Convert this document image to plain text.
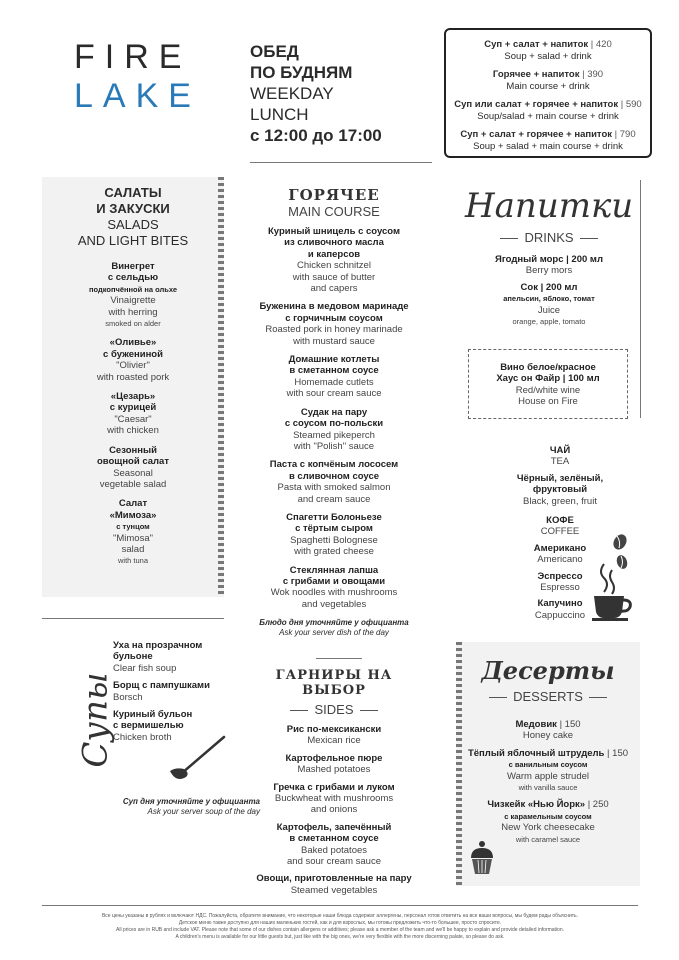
FIRE
LAKE
ОБЕД
ПО БУДНЯМ
WEEKDAY
LUNCH
с 12:00 до 17:00
Суп + салат + напиток | 420
Soup + salad + drink
Горячее + напиток | 390
Main course + drink
Суп или салат + горячее + напиток | 590
Soup/salad + main course + drink
Суп + салат + горячее + напиток | 790
Soup + salad + main course + drink
САЛАТЫ
И ЗАКУСКИ
SALADS
AND LIGHT BITES
Винегрет
с сельдью
подкопчённой на ольхе
Vinaigrette
with herring
smoked on alder
«Оливье»
с бужениной
"Olivier"
with roasted pork
«Цезарь»
с курицей
"Caesar"
with chicken
Сезонный
овощной салат
Seasonal
vegetable salad
Салат
«Мимоза»
с тунцом
"Mimosa"
salad
with tuna
Супы
Уха на прозрачном
бульоне
Clear fish soup
Борщ с пампушками
Borsch
Куриный бульон
с вермишелью
Chicken broth
Суп дня уточняйте у официанта
Ask your server soup of the day
ГОРЯЧЕЕ
MAIN COURSE
Куриный шницель с соусом
из сливочного масла
и каперсов
Chicken schnitzel
with sauce of butter
and capers
Буженина в медовом маринаде
с горчичным соусом
Roasted pork in honey marinade
with mustard sauce
Домашние котлеты
в сметанном соусе
Homemade cutlets
with sour cream sauce
Судак на пару
с соусом по-польски
Steamed pikeperch
with "Polish" sauce
Паста с копчёным лососем
в сливочном соусе
Pasta with smoked salmon
and cream sauce
Спагетти Болоньезе
с тёртым сыром
Spaghetti Bolognese
with grated cheese
Стеклянная лапша
с грибами и овощами
Wok noodles with mushrooms
and vegetables
Блюдо дня уточняйте у официанта
Ask your server dish of the day
ГАРНИРЫ НА ВЫБОР
SIDES
Рис по-мексикански
Mexican rice
Картофельное пюре
Mashed potatoes
Гречка с грибами и луком
Buckwheat with mushrooms
and onions
Картофель, запечённый
в сметанном соусе
Baked potatoes
and sour cream sauce
Овощи, приготовленные на пару
Steamed vegetables
Напитки
DRINKS
Ягодный морс | 200 мл
Berry mors
Сок | 200 мл
апельсин, яблоко, томат
Juice
orange, apple, tomato
Вино белое/красное
Хаус он Файр | 100 мл
Red/white wine
House on Fire
ЧАЙ
TEA
Чёрный, зелёный,
фруктовый
Black, green, fruit
КОФЕ
COFFEE
Американо
Americano
Эспрессо
Espresso
Капучино
Cappuccino
Десерты
DESSERTS
Медовик | 150
Honey cake
Тёплый яблочный штрудель | 150
с ванильным соусом
Warm apple strudel
with vanilla sauce
Чизкейк «Нью Йорк» | 250
с карамельным соусом
New York cheesecake
with caramel sauce
Все цены указаны в рублях и включают НДС. Пожалуйста, обратите внимание, что некоторые наши блюда содержат аллергены, персонал готов ответить на все ваши вопросы, мы будем рады объяснить.
Детское меню также доступно для наших маленьких гостей, как и для взрослых, мы готовы предложить что-то большее, просто спросите.
All prices are in RUB and include VAT. Please note that some of our dishes contain allergens or additives; please ask a member of the team and we'll be happy to explain and provide detailed information.
A children's menu is available for our little guests but, just like with the big ones, we're very flexible with the more discerning palate, so please do ask.
